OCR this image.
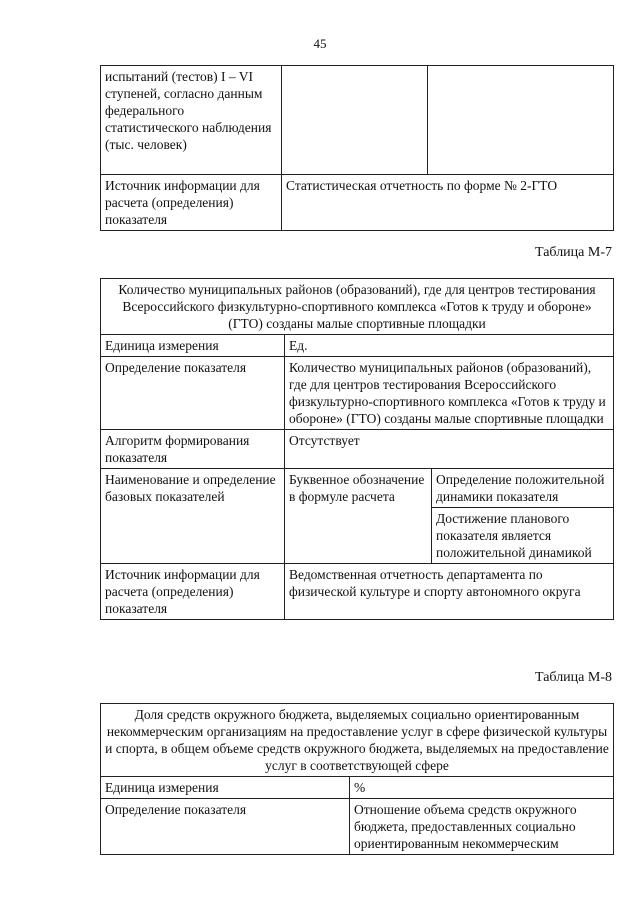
45
испытаний (тестов) I – VI ступеней, согласно данным федерального статистического наблюдения (тыс. человек)		
Источник информации для расчета (определения) показателя	Статистическая отчетность по форме № 2-ГТО	
Таблица М-7
Количество муниципальных районов (образований), где для центров тестирования Всероссийского физкультурно-спортивного комплекса «Готов к труду и обороне» (ГТО) созданы малые спортивные площадки		
Единица измерения	Ед.	
Определение показателя	Количество муниципальных районов (образований), где для центров тестирования Всероссийского физкультурно-спортивного комплекса «Готов к труду и обороне» (ГТО) созданы малые спортивные площадки	
Алгоритм формирования показателя	Отсутствует	
Наименование и определение базовых показателей	Буквенное обозначение в формуле расчета	Определение положительной динамики показателя
		Достижение планового показателя является положительной динамикой
Источник информации для расчета (определения) показателя	Ведомственная отчетность департамента по физической культуре и спорту автономного округа	
Таблица М-8
Доля средств окружного бюджета, выделяемых социально ориентированным некоммерческим организациям на предоставление услуг в сфере физической культуры и спорта, в общем объеме средств окружного бюджета, выделяемых на предоставление услуг в соответствующей сфере	
Единица измерения	%
Определение показателя	Отношение объема средств окружного бюджета, предоставленных социально ориентированным некоммерческим
